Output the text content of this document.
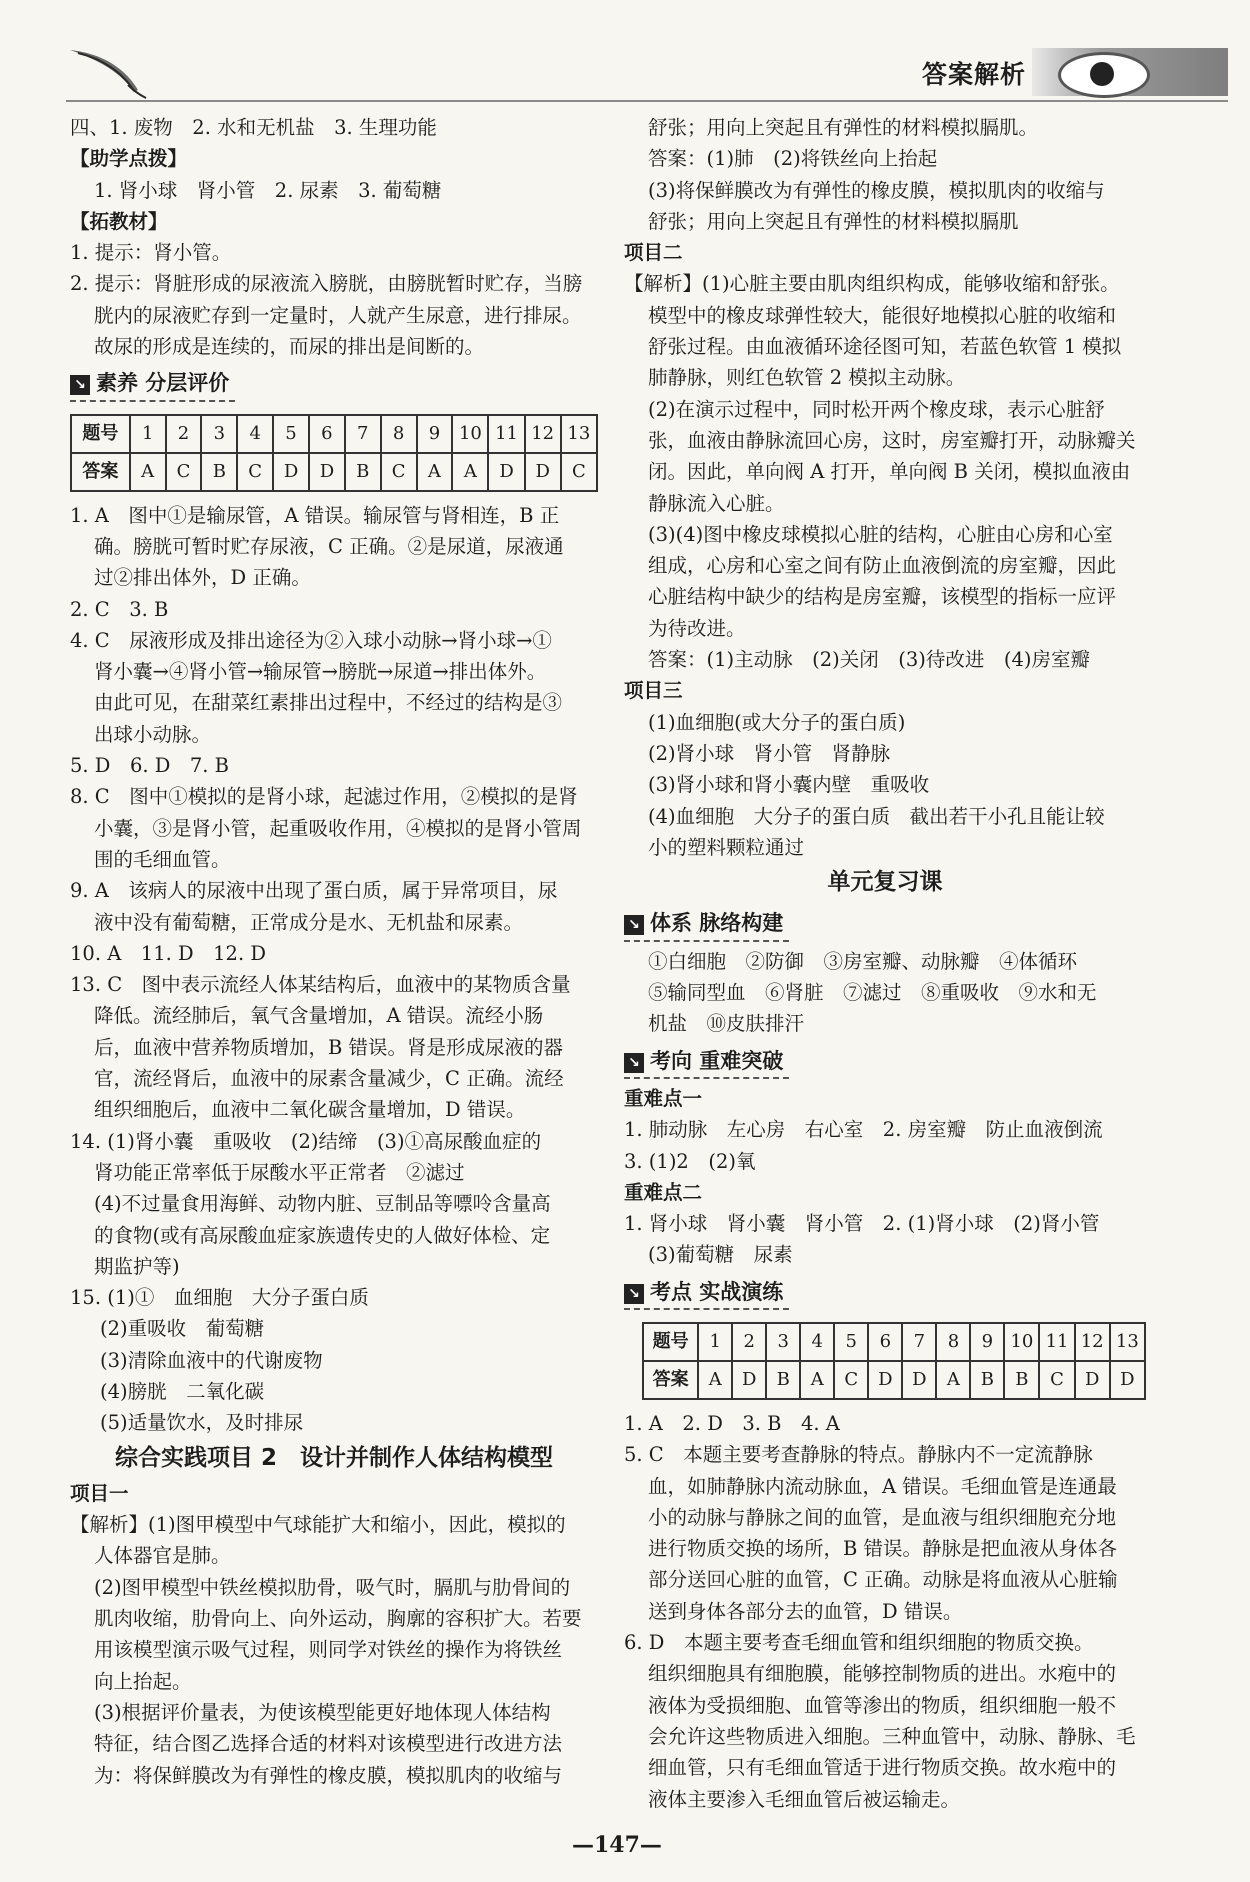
答案解析
四、1. 废物　2. 水和无机盐　3. 生理功能
【助学点拨】
1. 肾小球　肾小管　2. 尿素　3. 葡萄糖
【拓教材】
1. 提示：肾小管。
2. 提示：肾脏形成的尿液流入膀胱，由膀胱暂时贮存，当膀
胱内的尿液贮存到一定量时，人就产生尿意，进行排尿。
故尿的形成是连续的，而尿的排出是间断的。
↘ 素养 分层评价
题号	1	2	3	4	5	6	7	8	9	10	11	12	13
答案	A	C	B	C	D	D	B	C	A	A	D	D	C
1. A　图中①是输尿管，A 错误。输尿管与肾相连，B 正
确。膀胱可暂时贮存尿液，C 正确。②是尿道，尿液通
过②排出体外，D 正确。
2. C　3. B
4. C　尿液形成及排出途径为②入球小动脉→肾小球→①
肾小囊→④肾小管→输尿管→膀胱→尿道→排出体外。
由此可见，在甜菜红素排出过程中，不经过的结构是③
出球小动脉。
5. D　6. D　7. B
8. C　图中①模拟的是肾小球，起滤过作用，②模拟的是肾
小囊，③是肾小管，起重吸收作用，④模拟的是肾小管周
围的毛细血管。
9. A　该病人的尿液中出现了蛋白质，属于异常项目，尿
液中没有葡萄糖，正常成分是水、无机盐和尿素。
10. A　11. D　12. D
13. C　图中表示流经人体某结构后，血液中的某物质含量
降低。流经肺后，氧气含量增加，A 错误。流经小肠
后，血液中营养物质增加，B 错误。肾是形成尿液的器
官，流经肾后，血液中的尿素含量减少，C 正确。流经
组织细胞后，血液中二氧化碳含量增加，D 错误。
14. (1)肾小囊　重吸收　(2)结缔　(3)①高尿酸血症的
肾功能正常率低于尿酸水平正常者　②滤过
(4)不过量食用海鲜、动物内脏、豆制品等嘌呤含量高
的食物(或有高尿酸血症家族遗传史的人做好体检、定
期监护等)
15. (1)①　血细胞　大分子蛋白质
(2)重吸收　葡萄糖
(3)清除血液中的代谢废物
(4)膀胱　二氧化碳
(5)适量饮水，及时排尿
综合实践项目 2　设计并制作人体结构模型
项目一
【解析】(1)图甲模型中气球能扩大和缩小，因此，模拟的
人体器官是肺。
(2)图甲模型中铁丝模拟肋骨，吸气时，膈肌与肋骨间的
肌肉收缩，肋骨向上、向外运动，胸廓的容积扩大。若要
用该模型演示吸气过程，则同学对铁丝的操作为将铁丝
向上抬起。
(3)根据评价量表，为使该模型能更好地体现人体结构
特征，结合图乙选择合适的材料对该模型进行改进方法
为：将保鲜膜改为有弹性的橡皮膜，模拟肌肉的收缩与
舒张；用向上突起且有弹性的材料模拟膈肌。
答案：(1)肺　(2)将铁丝向上抬起
(3)将保鲜膜改为有弹性的橡皮膜，模拟肌肉的收缩与
舒张；用向上突起且有弹性的材料模拟膈肌
项目二
【解析】(1)心脏主要由肌肉组织构成，能够收缩和舒张。
模型中的橡皮球弹性较大，能很好地模拟心脏的收缩和
舒张过程。由血液循环途径图可知，若蓝色软管 1 模拟
肺静脉，则红色软管 2 模拟主动脉。
(2)在演示过程中，同时松开两个橡皮球，表示心脏舒
张，血液由静脉流回心房，这时，房室瓣打开，动脉瓣关
闭。因此，单向阀 A 打开，单向阀 B 关闭，模拟血液由
静脉流入心脏。
(3)(4)图中橡皮球模拟心脏的结构，心脏由心房和心室
组成，心房和心室之间有防止血液倒流的房室瓣，因此
心脏结构中缺少的结构是房室瓣，该模型的指标一应评
为待改进。
答案：(1)主动脉　(2)关闭　(3)待改进　(4)房室瓣
项目三
(1)血细胞(或大分子的蛋白质)
(2)肾小球　肾小管　肾静脉
(3)肾小球和肾小囊内壁　重吸收
(4)血细胞　大分子的蛋白质　截出若干小孔且能让较
小的塑料颗粒通过
单元复习课
↘ 体系 脉络构建
①白细胞　②防御　③房室瓣、动脉瓣　④体循环
⑤输同型血　⑥肾脏　⑦滤过　⑧重吸收　⑨水和无
机盐　⑩皮肤排汗
↘ 考向 重难突破
重难点一
1. 肺动脉　左心房　右心室　2. 房室瓣　防止血液倒流
3. (1)2　(2)氧
重难点二
1. 肾小球　肾小囊　肾小管　2. (1)肾小球　(2)肾小管
(3)葡萄糖　尿素
↘ 考点 实战演练
题号	1	2	3	4	5	6	7	8	9	10	11	12	13
答案	A	D	B	A	C	D	D	A	B	B	C	D	D
1. A　2. D　3. B　4. A
5. C　本题主要考查静脉的特点。静脉内不一定流静脉
血，如肺静脉内流动脉血，A 错误。毛细血管是连通最
小的动脉与静脉之间的血管，是血液与组织细胞充分地
进行物质交换的场所，B 错误。静脉是把血液从身体各
部分送回心脏的血管，C 正确。动脉是将血液从心脏输
送到身体各部分去的血管，D 错误。
6. D　本题主要考查毛细血管和组织细胞的物质交换。
组织细胞具有细胞膜，能够控制物质的进出。水疱中的
液体为受损细胞、血管等渗出的物质，组织细胞一般不
会允许这些物质进入细胞。三种血管中，动脉、静脉、毛
细血管，只有毛细血管适于进行物质交换。故水疱中的
液体主要渗入毛细血管后被运输走。
—147—
